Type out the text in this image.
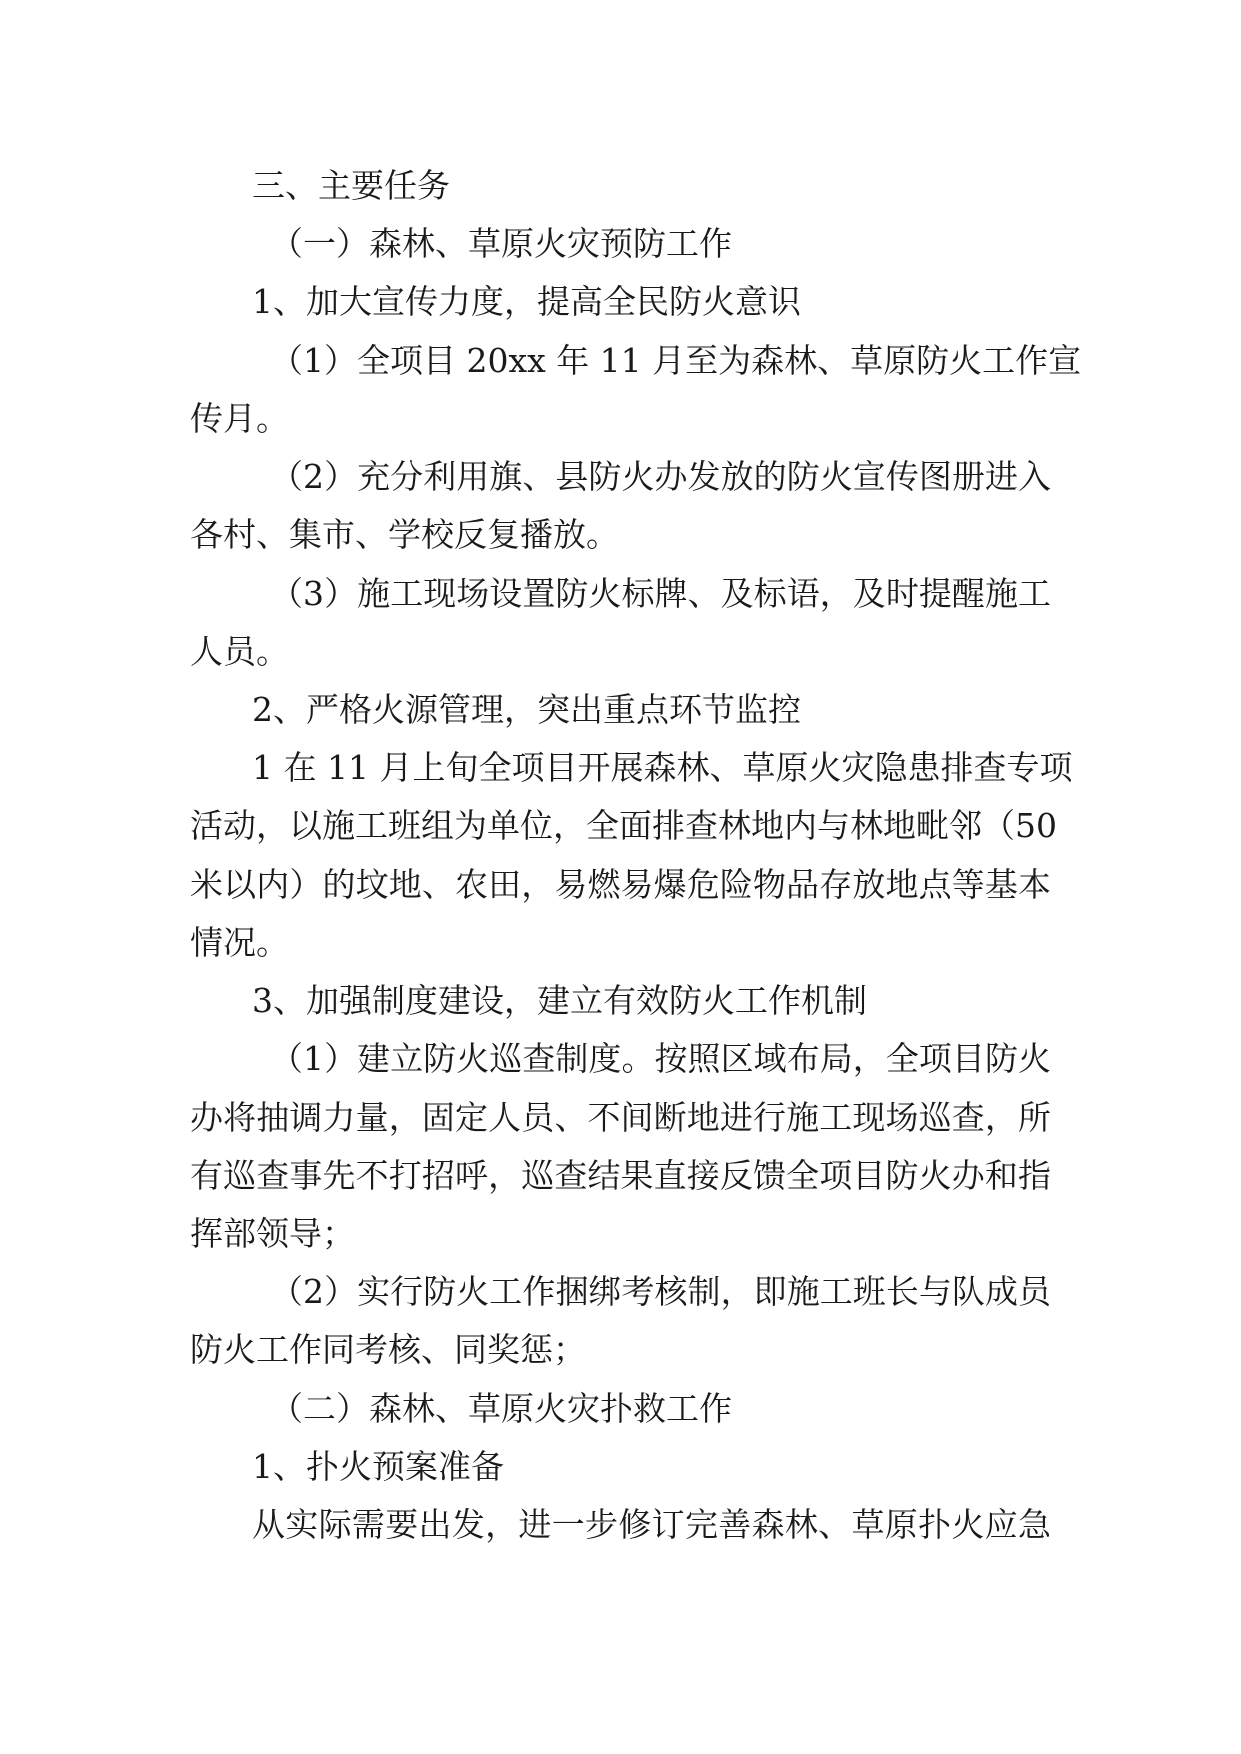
三、主要任务
（一）森林、草原火灾预防工作
1、加大宣传力度，提高全民防火意识
（1）全项目 20xx 年 11 月至为森林、草原防火工作宣
传月。
（2）充分利用旗、县防火办发放的防火宣传图册进入
各村、集市、学校反复播放。
（3）施工现场设置防火标牌、及标语，及时提醒施工
人员。
2、严格火源管理，突出重点环节监控
1 在 11 月上旬全项目开展森林、草原火灾隐患排查专项
活动，以施工班组为单位，全面排查林地内与林地毗邻（50
米以内）的坟地、农田，易燃易爆危险物品存放地点等基本
情况。
3、加强制度建设，建立有效防火工作机制
（1）建立防火巡查制度。按照区域布局，全项目防火
办将抽调力量，固定人员、不间断地进行施工现场巡查，所
有巡查事先不打招呼，巡查结果直接反馈全项目防火办和指
挥部领导；
（2）实行防火工作捆绑考核制，即施工班长与队成员
防火工作同考核、同奖惩；
（二）森林、草原火灾扑救工作
1、扑火预案准备
从实际需要出发，进一步修订完善森林、草原扑火应急
